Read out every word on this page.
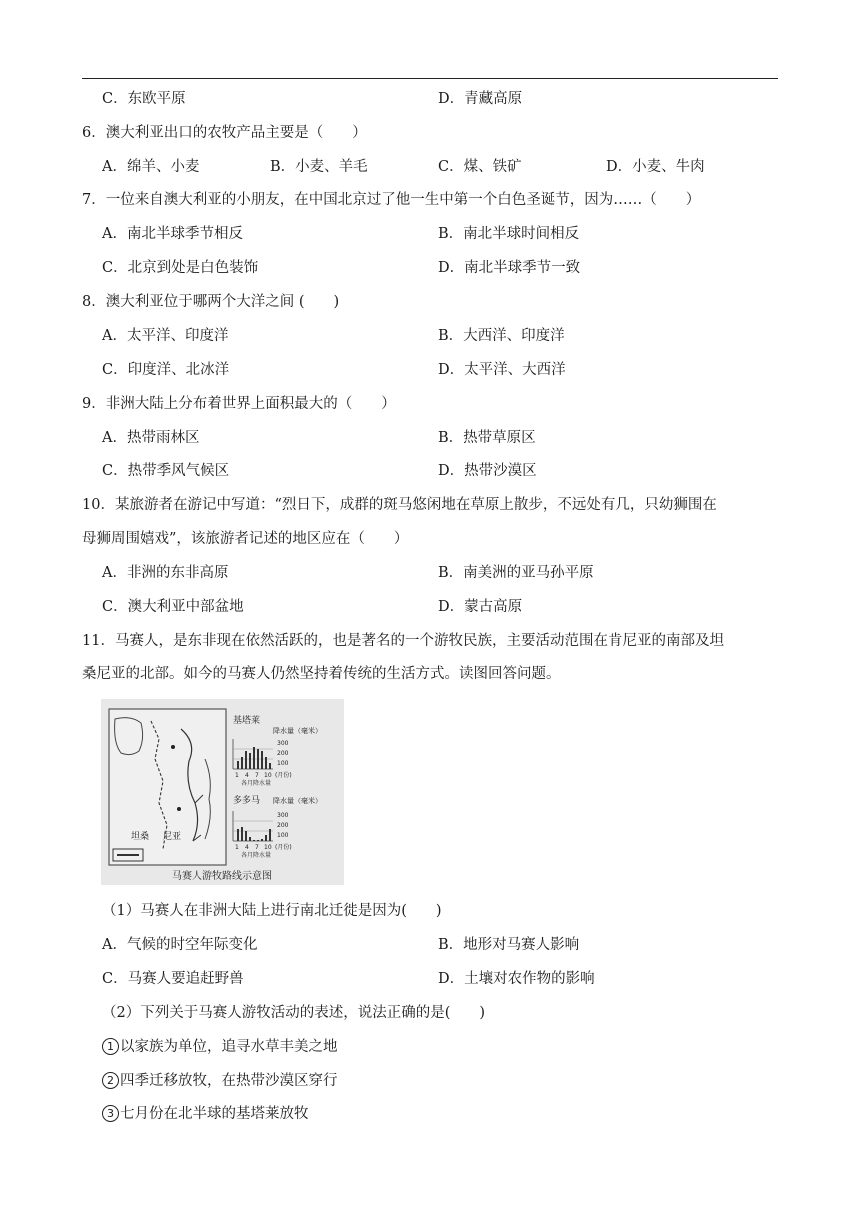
C．东欧平原	D．青藏高原
6．澳大利亚出口的农牧产品主要是（　　）
A．绵羊、小麦	B．小麦、羊毛	C．煤、铁矿	D．小麦、牛肉
7．一位来自澳大利亚的小朋友，在中国北京过了他一生中第一个白色圣诞节，因为……（　　）
A．南北半球季节相反	B．南北半球时间相反
C．北京到处是白色装饰	D．南北半球季节一致
8．澳大利亚位于哪两个大洋之间 (　　)
A．太平洋、印度洋	B．大西洋、印度洋
C．印度洋、北冰洋	D．太平洋、大西洋
9．非洲大陆上分布着世界上面积最大的（　　）
A．热带雨林区	B．热带草原区
C．热带季风气候区	D．热带沙漠区
10．某旅游者在游记中写道：“烈日下，成群的斑马悠闲地在草原上散步，不远处有几，只幼狮围在
母狮周围嬉戏”，该旅游者记述的地区应在（　　）
A．非洲的东非高原	B．南美洲的亚马孙平原
C．澳大利亚中部盆地	D．蒙古高原
11．马赛人，是东非现在依然活跃的，也是著名的一个游牧民族，主要活动范围在肯尼亚的南部及坦
桑尼亚的北部。如今的马赛人仍然坚持着传统的生活方式。读图回答问题。
坦桑 尼亚
基塔莱
降水量（毫米）
300
200
100
1 4 7 10 (月份)
各月降水量
多多马 降水量（毫米）
300
200
100
1 4 7 10 (月份)
各月降水量
马赛人游牧路线示意图
（1）马赛人在非洲大陆上进行南北迁徙是因为(　　)
A．气候的时空年际变化	B．地形对马赛人影响
C．马赛人要追赶野兽	D．土壤对农作物的影响
（2）下列关于马赛人游牧活动的表述，说法正确的是(　　)
1 以家族为单位，追寻水草丰美之地
2 四季迁移放牧，在热带沙漠区穿行
3 七月份在北半球的基塔莱放牧
